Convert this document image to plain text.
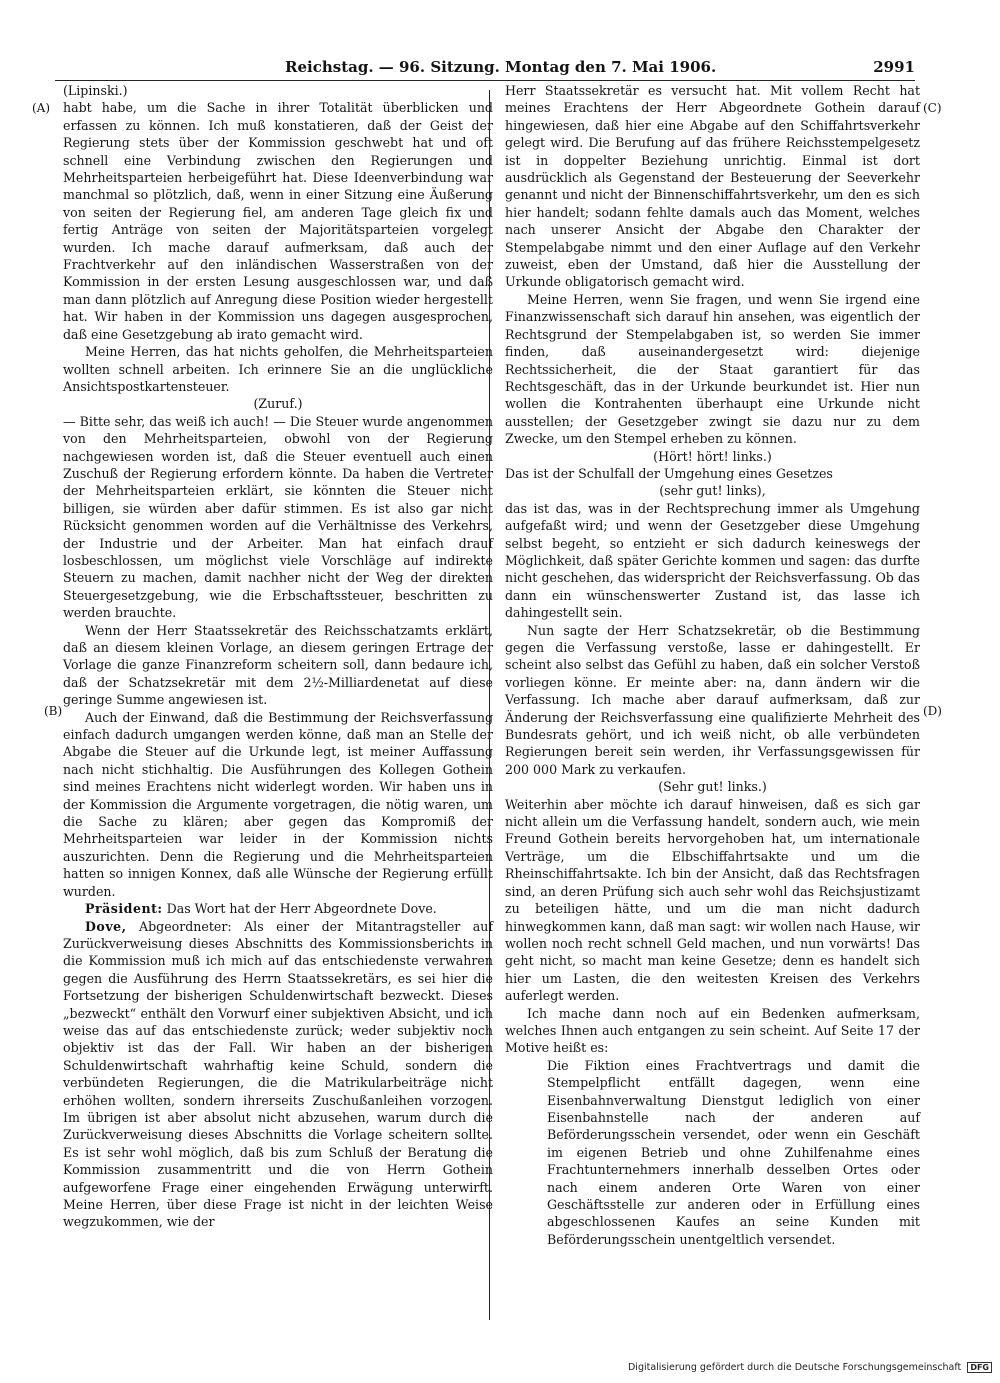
Reichstag. — 96. Sitzung. Montag den 7. Mai 1906.	2991
(A)
(B)
(C)
(D)

(Lipinski.)

habt habe, um die Sache in ihrer Totalität überblicken und erfassen zu können. Ich muß konstatieren, daß der Geist der Regierung stets über der Kommission geschwebt hat und oft schnell eine Verbindung zwischen den Regierungen und Mehrheitsparteien herbeigeführt hat. Diese Ideenverbindung war manchmal so plötzlich, daß, wenn in einer Sitzung eine Äußerung von seiten der Regierung fiel, am anderen Tage gleich fix und fertig Anträge von seiten der Majoritätsparteien vorgelegt wurden. Ich mache darauf aufmerksam, daß auch der Frachtverkehr auf den inländischen Wasserstraßen von der Kommission in der ersten Lesung ausgeschlossen war, und daß man dann plötzlich auf Anregung diese Position wieder hergestellt hat. Wir haben in der Kommission uns dagegen ausgesprochen, daß eine Gesetzgebung ab irato gemacht wird.

Meine Herren, das hat nichts geholfen, die Mehrheitsparteien wollten schnell arbeiten. Ich erinnere Sie an die unglückliche Ansichtspostkartensteuer.

(Zuruf.)

— Bitte sehr, das weiß ich auch! — Die Steuer wurde angenommen von den Mehrheitsparteien, obwohl von der Regierung nachgewiesen worden ist, daß die Steuer eventuell auch einen Zuschuß der Regierung erfordern könnte. Da haben die Vertreter der Mehrheitsparteien erklärt, sie könnten die Steuer nicht billigen, sie würden aber dafür stimmen. Es ist also gar nicht Rücksicht genommen worden auf die Verhältnisse des Verkehrs, der Industrie und der Arbeiter. Man hat einfach drauf losbeschlossen, um möglichst viele Vorschläge auf indirekte Steuern zu machen, damit nachher nicht der Weg der direkten Steuergesetzgebung, wie die Erbschaftssteuer, beschritten zu werden brauchte.

Wenn der Herr Staatssekretär des Reichsschatzamts erklärt, daß an diesem kleinen Vorlage, an diesem geringen Ertrage der Vorlage die ganze Finanzreform scheitern soll, dann bedaure ich, daß der Schatzsekretär mit dem 2½-Milliardenetat auf diese geringe Summe angewiesen ist.

Auch der Einwand, daß die Bestimmung der Reichsverfassung einfach dadurch umgangen werden könne, daß man an Stelle der Abgabe die Steuer auf die Urkunde legt, ist meiner Auffassung nach nicht stichhaltig. Die Ausführungen des Kollegen Gothein sind meines Erachtens nicht widerlegt worden. Wir haben uns in der Kommission die Argumente vorgetragen, die nötig waren, um die Sache zu klären; aber gegen das Kompromiß der Mehrheitsparteien war leider in der Kommission nichts auszurichten. Denn die Regierung und die Mehrheitsparteien hatten so innigen Konnex, daß alle Wünsche der Regierung erfüllt wurden.

Präsident: Das Wort hat der Herr Abgeordnete Dove.

Dove, Abgeordneter: Als einer der Mitantragsteller auf Zurückverweisung dieses Abschnitts des Kommissionsberichts in die Kommission muß ich mich auf das entschiedenste verwahren gegen die Ausführung des Herrn Staatssekretärs, es sei hier die Fortsetzung der bisherigen Schuldenwirtschaft bezweckt. Dieses „bezweckt“ enthält den Vorwurf einer subjektiven Absicht, und ich weise das auf das entschiedenste zurück; weder subjektiv noch objektiv ist das der Fall. Wir haben an der bisherigen Schuldenwirtschaft wahrhaftig keine Schuld, sondern die verbündeten Regierungen, die die Matrikularbeiträge nicht erhöhen wollten, sondern ihrerseits Zuschußanleihen vorzogen. Im übrigen ist aber absolut nicht abzusehen, warum durch die Zurückverweisung dieses Abschnitts die Vorlage scheitern sollte. Es ist sehr wohl möglich, daß bis zum Schluß der Beratung die Kommission zusammentritt und die von Herrn Gothein aufgeworfene Frage einer eingehenden Erwägung unterwirft. Meine Herren, über diese Frage ist nicht in der leichten Weise wegzukommen, wie der

Herr Staatssekretär es versucht hat. Mit vollem Recht hat meines Erachtens der Herr Abgeordnete Gothein darauf hingewiesen, daß hier eine Abgabe auf den Schiffahrtsverkehr gelegt wird. Die Berufung auf das frühere Reichsstempelgesetz ist in doppelter Beziehung unrichtig. Einmal ist dort ausdrücklich als Gegenstand der Besteuerung der Seeverkehr genannt und nicht der Binnenschiffahrtsverkehr, um den es sich hier handelt; sodann fehlte damals auch das Moment, welches nach unserer Ansicht der Abgabe den Charakter der Stempelabgabe nimmt und den einer Auflage auf den Verkehr zuweist, eben der Umstand, daß hier die Ausstellung der Urkunde obligatorisch gemacht wird.

Meine Herren, wenn Sie fragen, und wenn Sie irgend eine Finanzwissenschaft sich darauf hin ansehen, was eigentlich der Rechtsgrund der Stempelabgaben ist, so werden Sie immer finden, daß auseinandergesetzt wird: diejenige Rechtssicherheit, die der Staat garantiert für das Rechtsgeschäft, das in der Urkunde beurkundet ist. Hier nun wollen die Kontrahenten überhaupt eine Urkunde nicht ausstellen; der Gesetzgeber zwingt sie dazu nur zu dem Zwecke, um den Stempel erheben zu können.

(Hört! hört! links.)

Das ist der Schulfall der Umgehung eines Gesetzes

(sehr gut! links),

das ist das, was in der Rechtsprechung immer als Umgehung aufgefaßt wird; und wenn der Gesetzgeber diese Umgehung selbst begeht, so entzieht er sich dadurch keineswegs der Möglichkeit, daß später Gerichte kommen und sagen: das durfte nicht geschehen, das widerspricht der Reichsverfassung. Ob das dann ein wünschenswerter Zustand ist, das lasse ich dahingestellt sein.

Nun sagte der Herr Schatzsekretär, ob die Bestimmung gegen die Verfassung verstoße, lasse er dahingestellt. Er scheint also selbst das Gefühl zu haben, daß ein solcher Verstoß vorliegen könne. Er meinte aber: na, dann ändern wir die Verfassung. Ich mache aber darauf aufmerksam, daß zur Änderung der Reichsverfassung eine qualifizierte Mehrheit des Bundesrats gehört, und ich weiß nicht, ob alle verbündeten Regierungen bereit sein werden, ihr Verfassungsgewissen für 200 000 Mark zu verkaufen.

(Sehr gut! links.)

Weiterhin aber möchte ich darauf hinweisen, daß es sich gar nicht allein um die Verfassung handelt, sondern auch, wie mein Freund Gothein bereits hervorgehoben hat, um internationale Verträge, um die Elbschiffahrtsakte und um die Rheinschiffahrtsakte. Ich bin der Ansicht, daß das Rechtsfragen sind, an deren Prüfung sich auch sehr wohl das Reichsjustizamt zu beteiligen hätte, und um die man nicht dadurch hinwegkommen kann, daß man sagt: wir wollen nach Hause, wir wollen noch recht schnell Geld machen, und nun vorwärts! Das geht nicht, so macht man keine Gesetze; denn es handelt sich hier um Lasten, die den weitesten Kreisen des Verkehrs auferlegt werden.

Ich mache dann noch auf ein Bedenken aufmerksam, welches Ihnen auch entgangen zu sein scheint. Auf Seite 17 der Motive heißt es:

Die Fiktion eines Frachtvertrags und damit die Stempelpflicht entfällt dagegen, wenn eine Eisenbahnverwaltung Dienstgut lediglich von einer Eisenbahnstelle nach der anderen auf Beförderungsschein versendet, oder wenn ein Geschäft im eigenen Betrieb und ohne Zuhilfenahme eines Frachtunternehmers innerhalb desselben Ortes oder nach einem anderen Orte Waren von einer Geschäftsstelle zur anderen oder in Erfüllung eines abgeschlossenen Kaufes an seine Kunden mit Beförderungsschein unentgeltlich versendet.

Digitalisierung gefördert durch die Deutsche Forschungsgemeinschaft DFG
